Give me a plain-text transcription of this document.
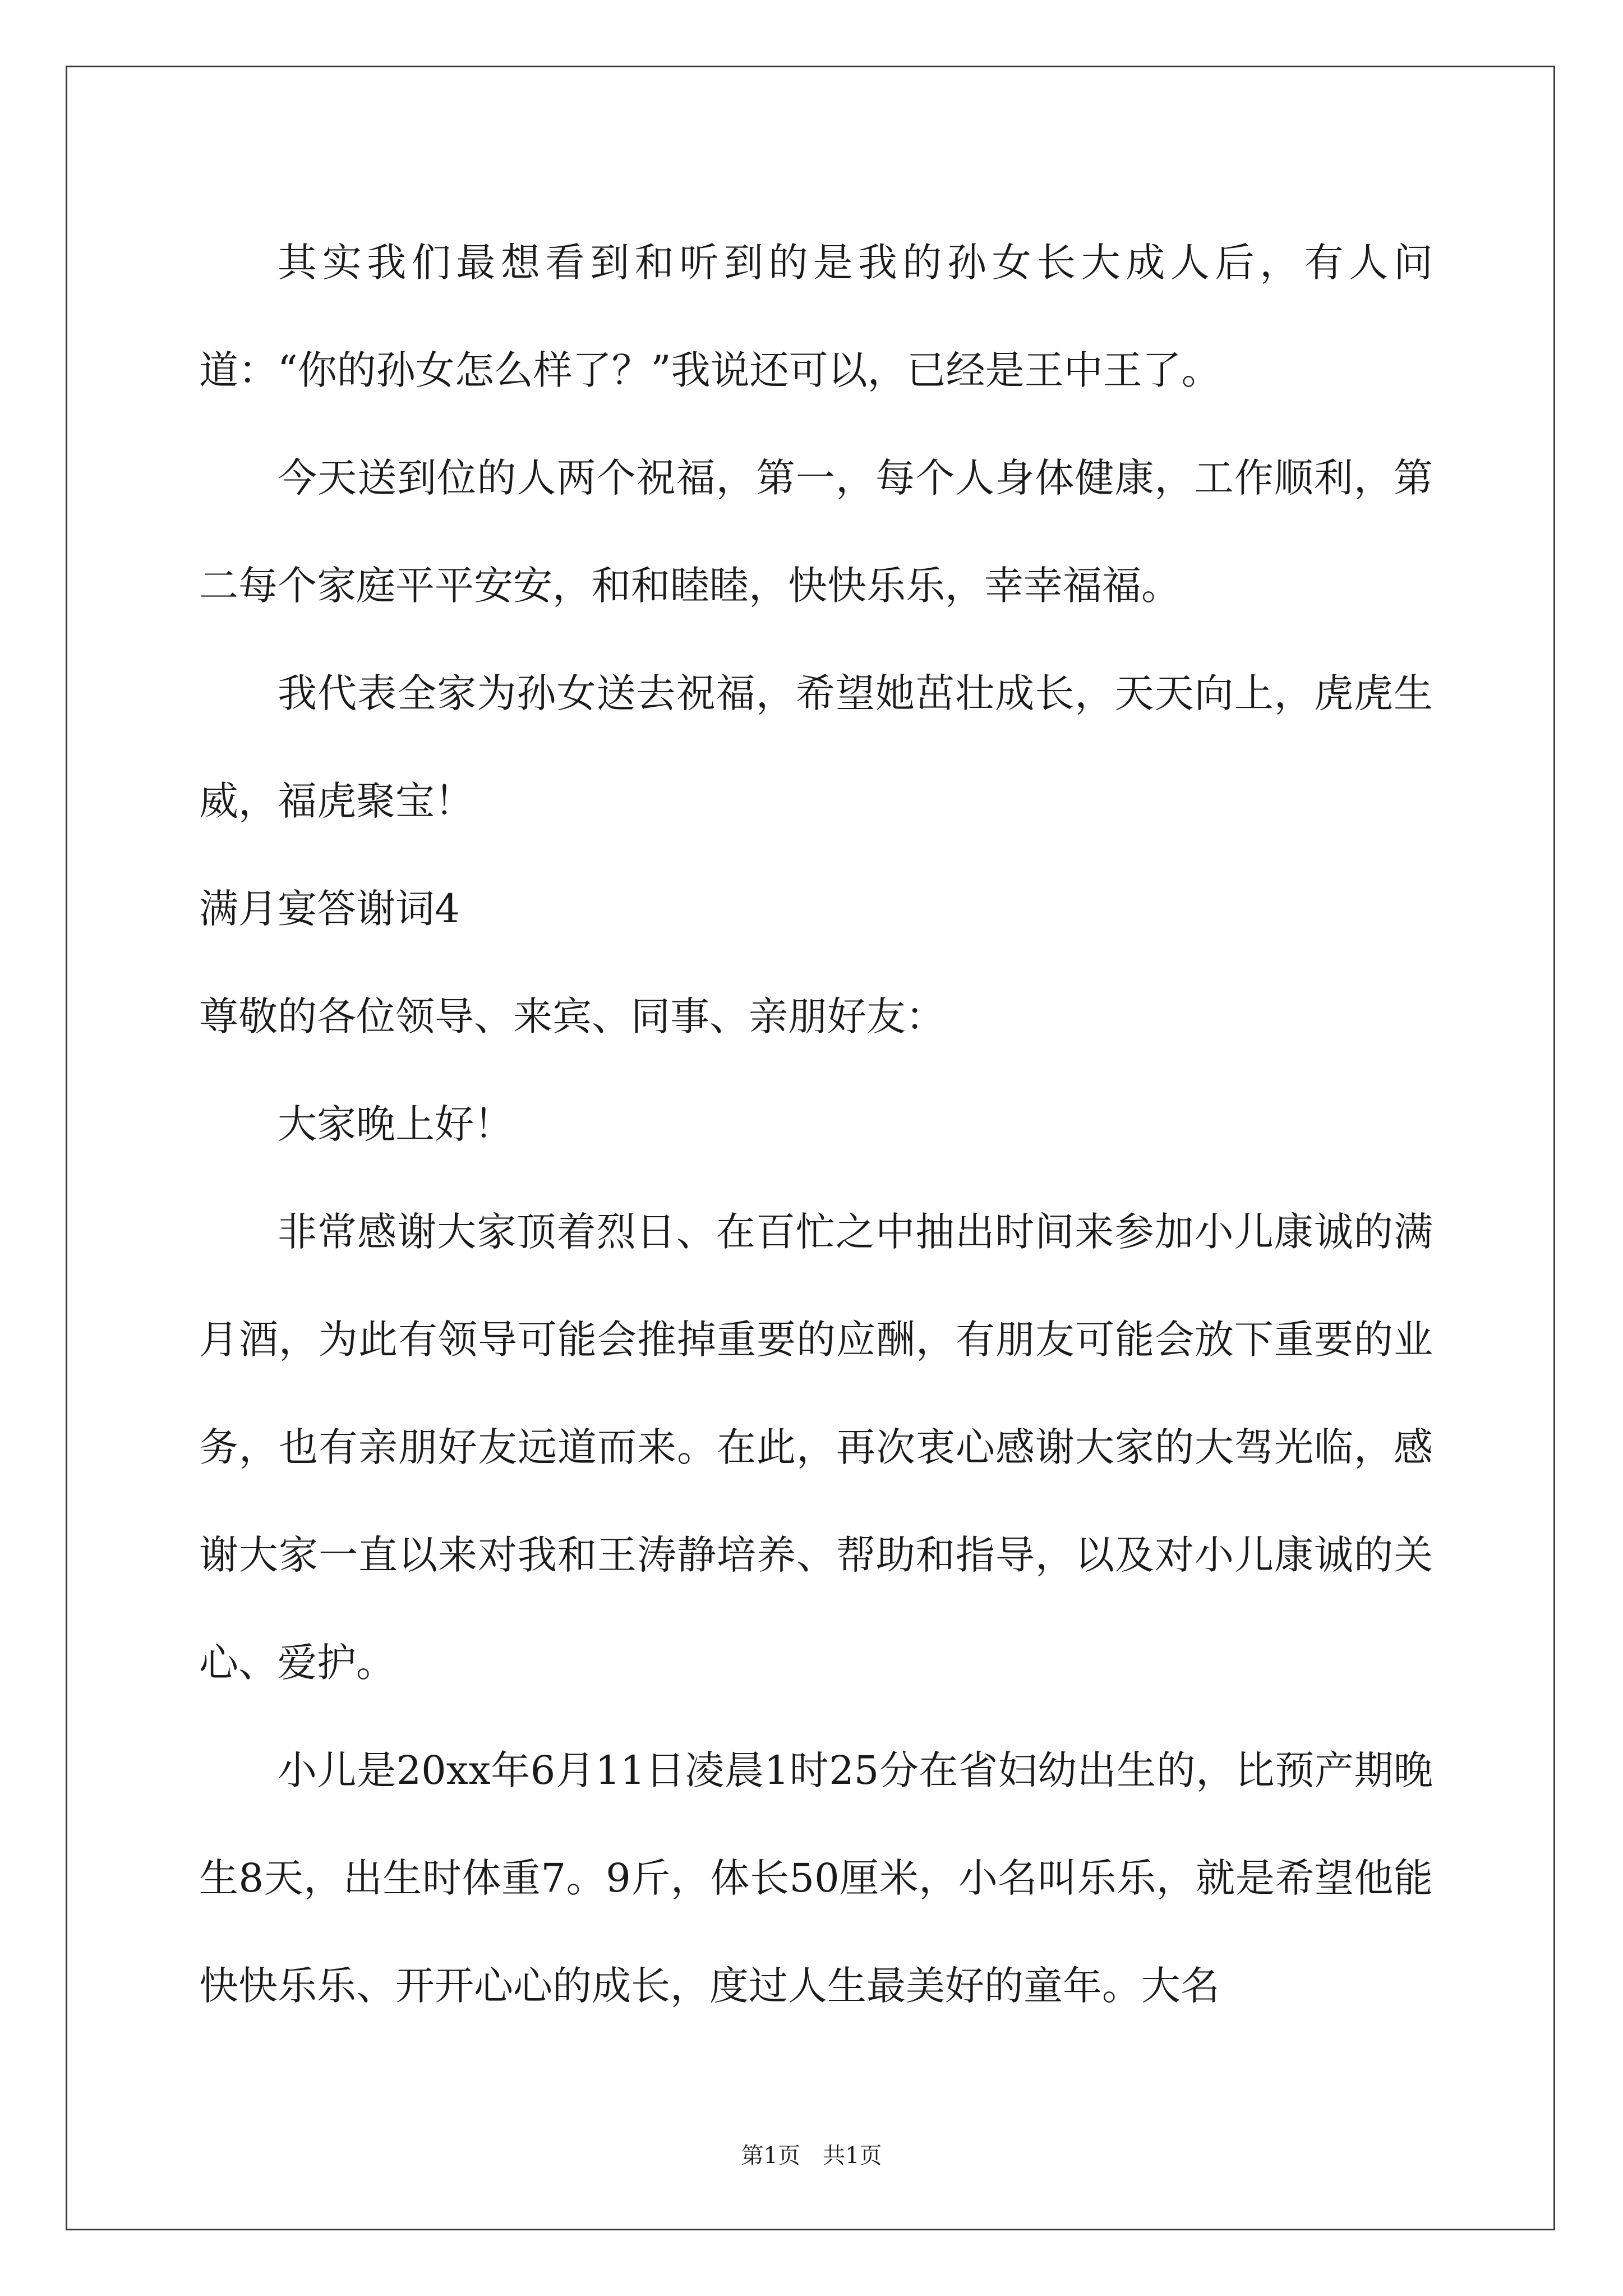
其实我们最想看到和听到的是我的孙女长大成人后，有人问道：“你的孙女怎么样了？”我说还可以，已经是王中王了。

今天送到位的人两个祝福，第一，每个人身体健康，工作顺利，第二每个家庭平平安安，和和睦睦，快快乐乐，幸幸福福。

我代表全家为孙女送去祝福，希望她茁壮成长，天天向上，虎虎生威，福虎聚宝！

满月宴答谢词4

尊敬的各位领导、来宾、同事、亲朋好友：

大家晚上好！

非常感谢大家顶着烈日、在百忙之中抽出时间来参加小儿康诚的满月酒，为此有领导可能会推掉重要的应酬，有朋友可能会放下重要的业务，也有亲朋好友远道而来。在此，再次衷心感谢大家的大驾光临，感谢大家一直以来对我和王涛静培养、帮助和指导，以及对小儿康诚的关心、爱护。

小儿是20xx年6月11日凌晨1时25分在省妇幼出生的，比预产期晚生8天，出生时体重7。9斤，体长50厘米，小名叫乐乐，就是希望他能快快乐乐、开开心心的成长，度过人生最美好的童年。大名

第1页　共1页
